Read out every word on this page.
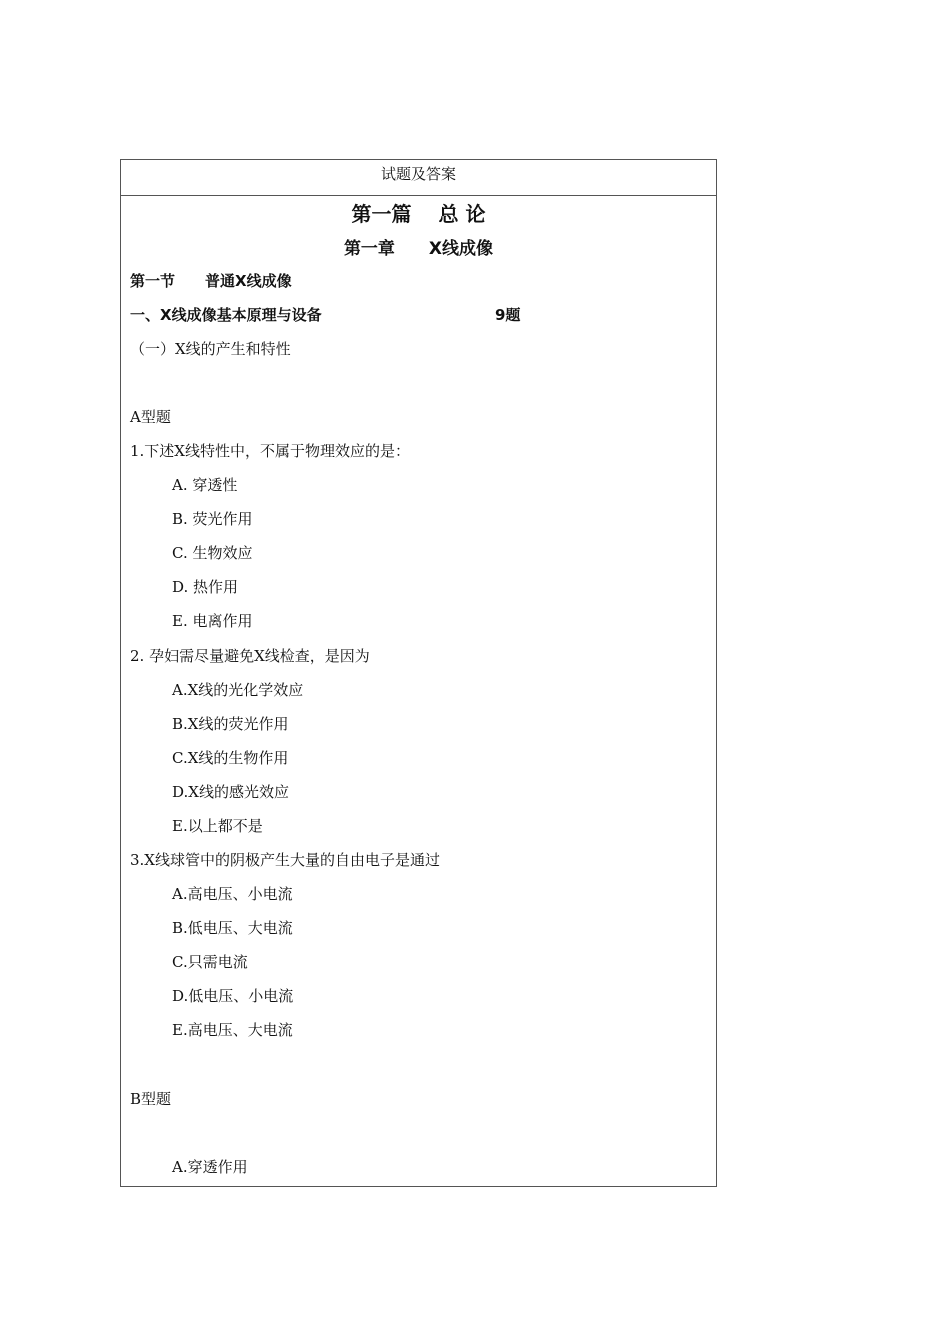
试题及答案
第一篇　 总 论
第一章　　X线成像
第一节　　普通X线成像
一、X线成像基本原理与设备	9题
（一）X线的产生和特性
A型题
1.下述X线特性中，不属于物理效应的是：
A. 穿透性
B. 荧光作用
C. 生物效应
D. 热作用
E. 电离作用
2. 孕妇需尽量避免X线检查，是因为
A.X线的光化学效应
B.X线的荧光作用
C.X线的生物作用
D.X线的感光效应
E.以上都不是
3.X线球管中的阴极产生大量的自由电子是通过
A.高电压、小电流
B.低电压、大电流
C.只需电流
D.低电压、小电流
E.高电压、大电流
B型题
A.穿透作用
